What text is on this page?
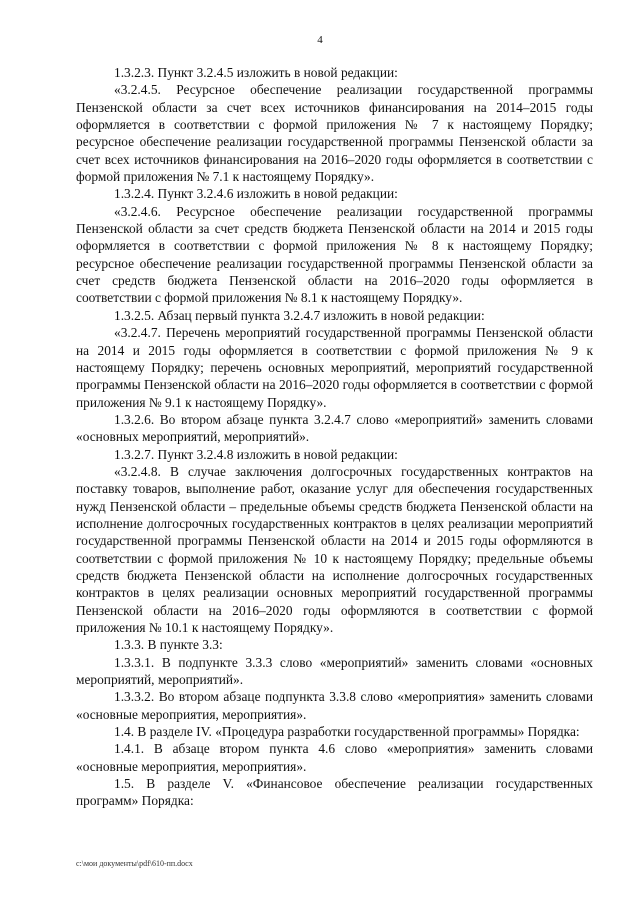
4

1.3.2.3. Пункт 3.2.4.5 изложить в новой редакции:

«3.2.4.5. Ресурсное обеспечение реализации государственной программы Пензенской области за счет всех источников финансирования на 2014–2015 годы оформляется в соответствии с формой приложения № 7 к настоящему Порядку; ресурсное обеспечение реализации государственной программы Пензенской области за счет всех источников финансирования на 2016–2020 годы оформляется в соответствии с формой приложения № 7.1 к настоящему Порядку».

1.3.2.4. Пункт 3.2.4.6 изложить в новой редакции:

«3.2.4.6. Ресурсное обеспечение реализации государственной программы Пензенской области за счет средств бюджета Пензенской области на 2014 и 2015 годы оформляется в соответствии с формой приложения № 8 к настоящему Порядку; ресурсное обеспечение реализации государственной программы Пензенской области за счет средств бюджета Пензенской области на 2016–2020 годы оформляется в соответствии с формой приложения № 8.1 к настоящему Порядку».

1.3.2.5. Абзац первый пункта 3.2.4.7 изложить в новой редакции:

«3.2.4.7. Перечень мероприятий государственной программы Пензенской области на 2014 и 2015 годы оформляется в соответствии с формой приложения № 9 к настоящему Порядку; перечень основных мероприятий, мероприятий государственной программы Пензенской области на 2016–2020 годы оформляется в соответствии с формой приложения № 9.1 к настоящему Порядку».

1.3.2.6. Во втором абзаце пункта 3.2.4.7 слово «мероприятий» заменить словами «основных мероприятий, мероприятий».

1.3.2.7. Пункт 3.2.4.8 изложить в новой редакции:

«3.2.4.8. В случае заключения долгосрочных государственных контрактов на поставку товаров, выполнение работ, оказание услуг для обеспечения государственных нужд Пензенской области – предельные объемы средств бюджета Пензенской области на исполнение долгосрочных государственных контрактов в целях реализации мероприятий государственной программы Пензенской области на 2014 и 2015 годы оформляются в соответствии с формой приложения № 10 к настоящему Порядку; предельные объемы средств бюджета Пензенской области на исполнение долгосрочных государственных контрактов в целях реализации основных мероприятий государственной программы Пензенской области на 2016–2020 годы оформляются в соответствии с формой приложения № 10.1 к настоящему Порядку».

1.3.3. В пункте 3.3:

1.3.3.1. В подпункте 3.3.3 слово «мероприятий» заменить словами «основных мероприятий, мероприятий».

1.3.3.2. Во втором абзаце подпункта 3.3.8 слово «мероприятия» заменить словами «основные мероприятия, мероприятия».

1.4. В разделе IV. «Процедура разработки государственной программы» Порядка:

1.4.1. В абзаце втором пункта 4.6 слово «мероприятия» заменить словами «основные мероприятия, мероприятия».

1.5. В разделе V. «Финансовое обеспечение реализации государственных программ» Порядка:

c:\мои документы\pdf\610-пп.docx
